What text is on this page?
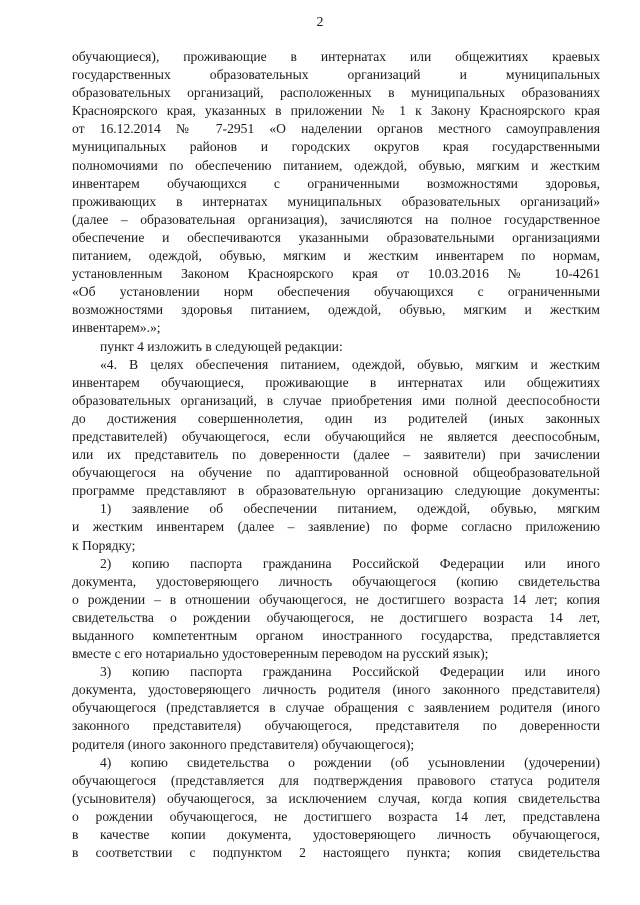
2
обучающиеся), проживающие в интернатах или общежитиях краевых
государственных образовательных организаций и муниципальных
образовательных организаций, расположенных в муниципальных образованиях
Красноярского края, указанных в приложении № 1 к Закону Красноярского края
от 16.12.2014 № 7-2951 «О наделении органов местного самоуправления
муниципальных районов и городских округов края государственными
полномочиями по обеспечению питанием, одеждой, обувью, мягким и жестким
инвентарем обучающихся с ограниченными возможностями здоровья,
проживающих в интернатах муниципальных образовательных организаций»
(далее – образовательная организация), зачисляются на полное государственное
обеспечение и обеспечиваются указанными образовательными организациями
питанием, одеждой, обувью, мягким и жестким инвентарем по нормам,
установленным Законом Красноярского края от 10.03.2016 № 10-4261
«Об установлении норм обеспечения обучающихся с ограниченными
возможностями здоровья питанием, одеждой, обувью, мягким и жестким
инвентарем».»;
пункт 4 изложить в следующей редакции:
«4. В целях обеспечения питанием, одеждой, обувью, мягким и жестким
инвентарем обучающиеся, проживающие в интернатах или общежитиях
образовательных организаций, в случае приобретения ими полной дееспособности
до достижения совершеннолетия, один из родителей (иных законных
представителей) обучающегося, если обучающийся не является дееспособным,
или их представитель по доверенности (далее – заявители) при зачислении
обучающегося на обучение по адаптированной основной общеобразовательной
программе представляют в образовательную организацию следующие документы:
1) заявление об обеспечении питанием, одеждой, обувью, мягким
и жестким инвентарем (далее – заявление) по форме согласно приложению
к Порядку;
2) копию паспорта гражданина Российской Федерации или иного
документа, удостоверяющего личность обучающегося (копию свидетельства
о рождении – в отношении обучающегося, не достигшего возраста 14 лет; копия
свидетельства о рождении обучающегося, не достигшего возраста 14 лет,
выданного компетентным органом иностранного государства, представляется
вместе с его нотариально удостоверенным переводом на русский язык);
3) копию паспорта гражданина Российской Федерации или иного
документа, удостоверяющего личность родителя (иного законного представителя)
обучающегося (представляется в случае обращения с заявлением родителя (иного
законного представителя) обучающегося, представителя по доверенности
родителя (иного законного представителя) обучающегося);
4) копию свидетельства о рождении (об усыновлении (удочерении)
обучающегося (представляется для подтверждения правового статуса родителя
(усыновителя) обучающегося, за исключением случая, когда копия свидетельства
о рождении обучающегося, не достигшего возраста 14 лет, представлена
в качестве копии документа, удостоверяющего личность обучающегося,
в соответствии с подпунктом 2 настоящего пункта; копия свидетельства
